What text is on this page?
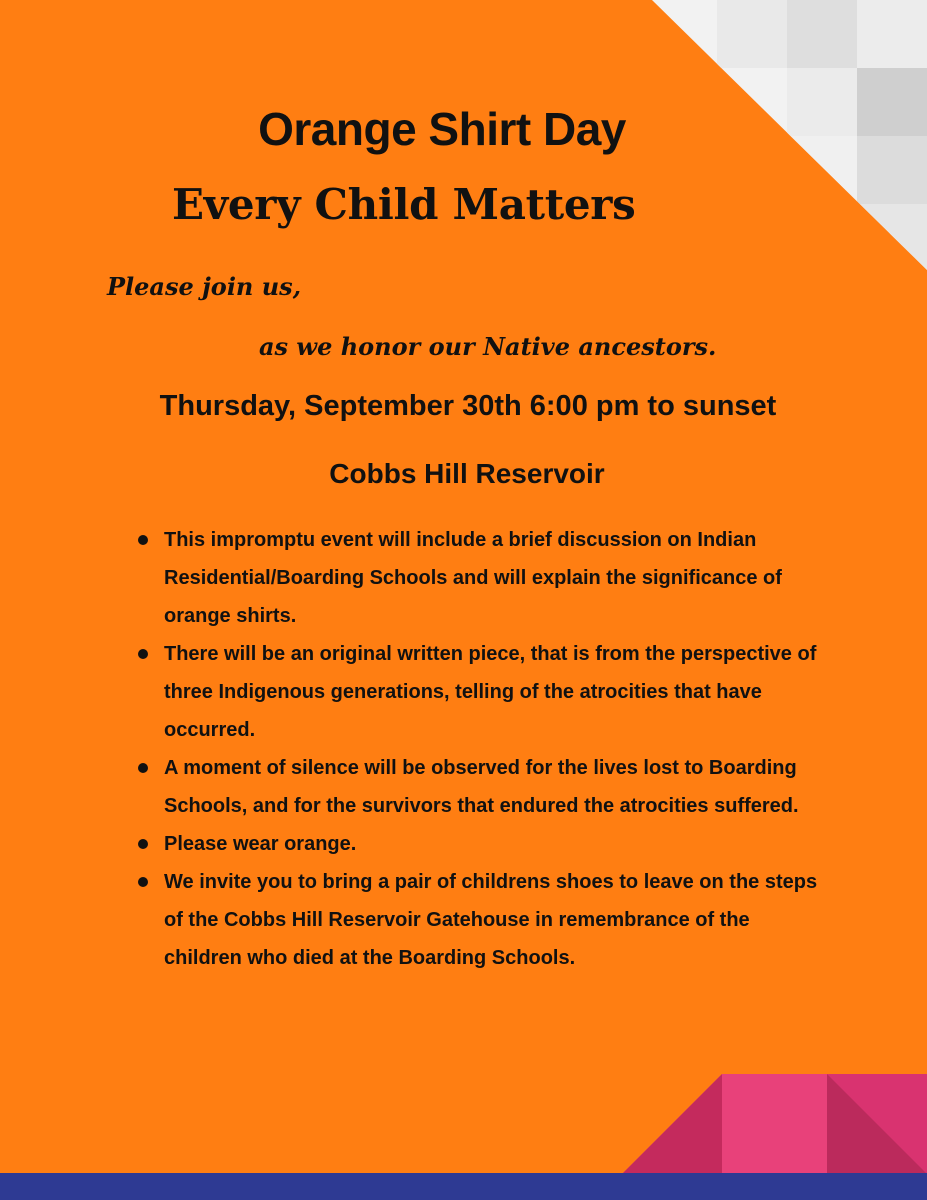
Orange Shirt Day
Every Child Matters

Please join us,

as we honor our Native ancestors.

Thursday, September 30th 6:00 pm to sunset

Cobbs Hill Reservoir

This impromptu event will include a brief discussion on Indian Residential/Boarding Schools and will explain the significance of orange shirts.
There will be an original written piece, that is from the perspective of three Indigenous generations, telling of the atrocities that have occurred.
A moment of silence will be observed for the lives lost to Boarding Schools, and for the survivors that endured the atrocities suffered.
Please wear orange.
We invite you to bring a pair of childrens shoes to leave on the steps of the Cobbs Hill Reservoir Gatehouse in remembrance of the children who died at the Boarding Schools.
